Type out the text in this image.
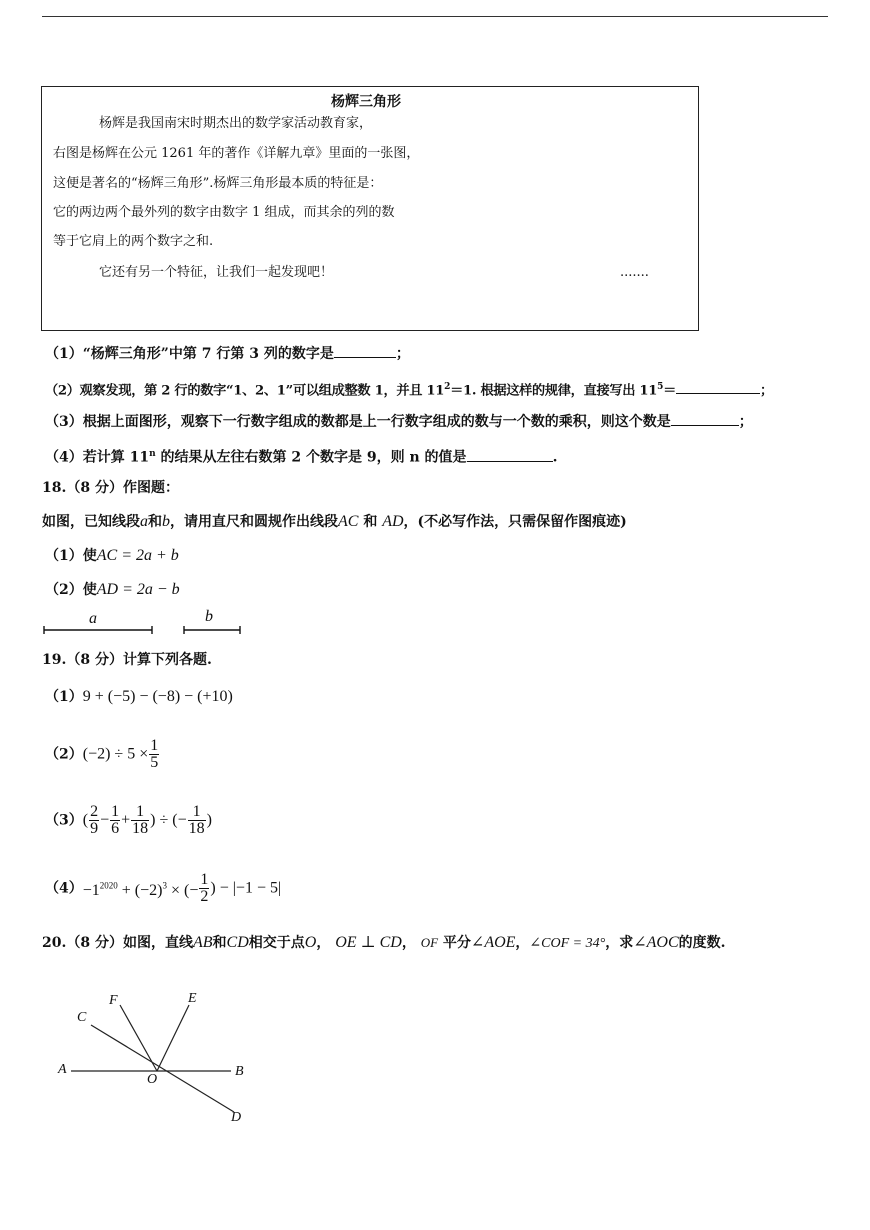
杨辉三角形
杨辉是我国南宋时期杰出的数学家活动教育家，
右图是杨辉在公元 1261 年的著作《详解九章》里面的一张图，
这便是著名的“杨辉三角形”.杨辉三角形最本质的特征是：
它的两边两个最外列的数字由数字 1 组成，而其余的列的数
等于它肩上的两个数字之和.
它还有另一个特征，让我们一起发现吧！	.......
（1）“杨辉三角形”中第 7 行第 3 列的数字是	；
（2）观察发现，第 2 行的数字“1、2、1”可以组成整数 1，并且 $11^2=1$. 根据这样的规律，直接写出 $11^5=$	；
（3）根据上面图形，观察下一行数字组成的数都是上一行数字组成的数与一个数的乘积，则这个数是	；
（4）若计算 11$^n$ 的结果从左往右数第 2 个数字是 9，则 n 的值是	.
18.（8 分）作图题：
如图，已知线段a和b，请用直尺和圆规作出线段AC 和 AD，(不必写作法，只需保留作图痕迹)
（1）使AC = 2a + b
（2）使AD = 2a − b
a	b
19.（8 分）计算下列各题.
（1）9 + (−5) − (−8) − (+10)
$(2)(-2) \div 5 \times \frac{1}{5}$
$(3)( \frac{2}{9} - \frac{1}{6} + \frac{1}{18}$ ) ÷ (− $\frac{1}{18}$ )
$(4)-1^{2020} + (-2)^3$ × (− $\frac{1}{2}$ ) − |−1 − 5|
20.（8 分）如图，直线AB和CD相交于点O， OE ⊥ CD， OF 平分∠AOE，∠COF = 34°，求∠AOC的度数.
A	B
C
D
E
F
O
